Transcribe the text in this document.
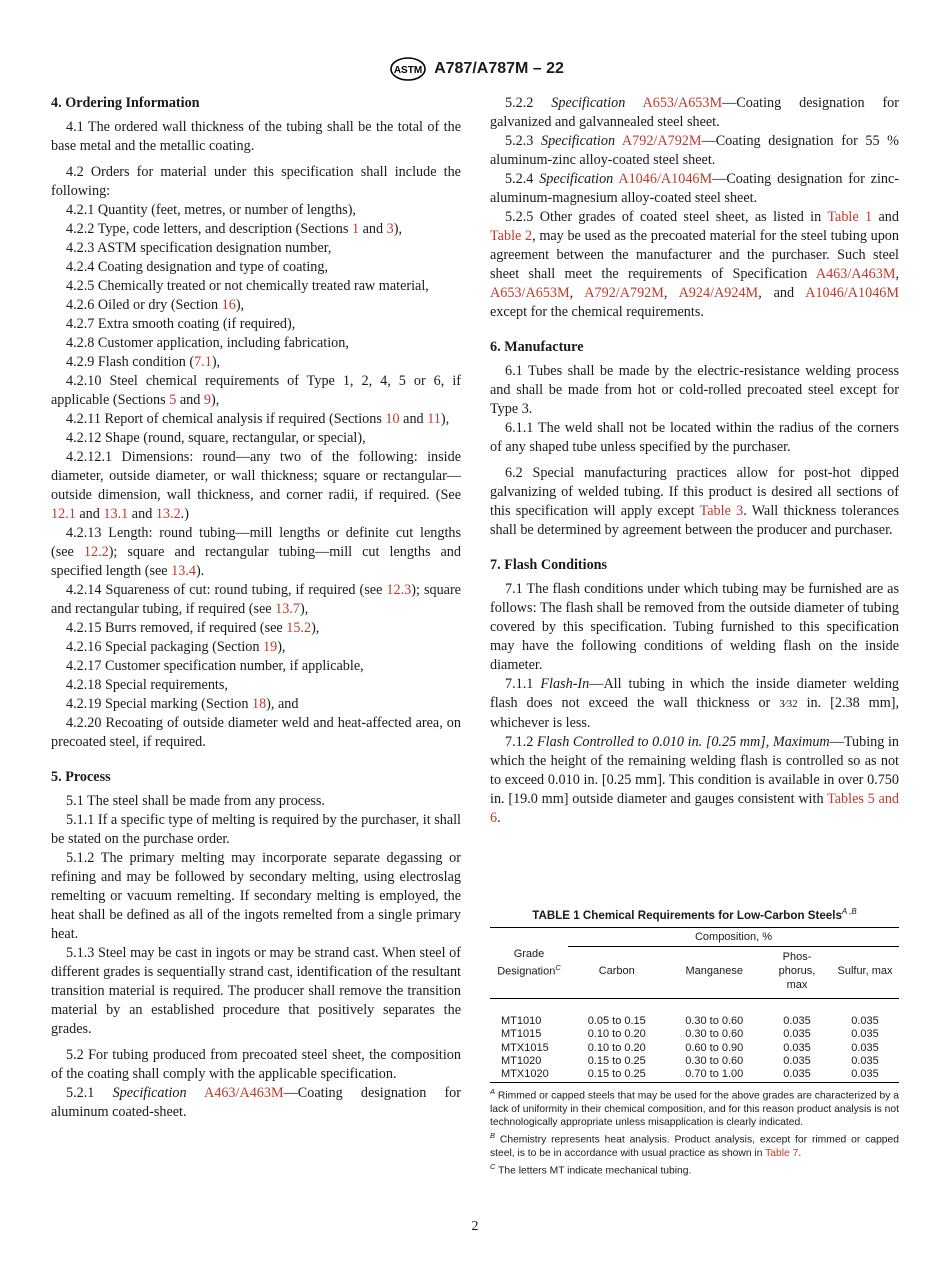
ASTM A787/A787M – 22
4. Ordering Information

4.1 The ordered wall thickness of the tubing shall be the total of the base metal and the metallic coating.

4.2 Orders for material under this specification shall include the following:

4.2.1 Quantity (feet, metres, or number of lengths),

4.2.2 Type, code letters, and description (Sections 1 and 3),

4.2.3 ASTM specification designation number,

4.2.4 Coating designation and type of coating,

4.2.5 Chemically treated or not chemically treated raw material,

4.2.6 Oiled or dry (Section 16),

4.2.7 Extra smooth coating (if required),

4.2.8 Customer application, including fabrication,

4.2.9 Flash condition (7.1),

4.2.10 Steel chemical requirements of Type 1, 2, 4, 5 or 6, if applicable (Sections 5 and 9),

4.2.11 Report of chemical analysis if required (Sections 10 and 11),

4.2.12 Shape (round, square, rectangular, or special),

4.2.12.1 Dimensions: round—any two of the following: inside diameter, outside diameter, or wall thickness; square or rectangular—outside dimension, wall thickness, and corner radii, if required. (See 12.1 and 13.1 and 13.2.)

4.2.13 Length: round tubing—mill lengths or definite cut lengths (see 12.2); square and rectangular tubing—mill cut lengths and specified length (see 13.4).

4.2.14 Squareness of cut: round tubing, if required (see 12.3); square and rectangular tubing, if required (see 13.7),

4.2.15 Burrs removed, if required (see 15.2),

4.2.16 Special packaging (Section 19),

4.2.17 Customer specification number, if applicable,

4.2.18 Special requirements,

4.2.19 Special marking (Section 18), and

4.2.20 Recoating of outside diameter weld and heat-affected area, on precoated steel, if required.

5. Process

5.1 The steel shall be made from any process.

5.1.1 If a specific type of melting is required by the purchaser, it shall be stated on the purchase order.

5.1.2 The primary melting may incorporate separate degassing or refining and may be followed by secondary melting, using electroslag remelting or vacuum remelting. If secondary melting is employed, the heat shall be defined as all of the ingots remelted from a single primary heat.

5.1.3 Steel may be cast in ingots or may be strand cast. When steel of different grades is sequentially strand cast, identification of the resultant transition material is required. The producer shall remove the transition material by an established procedure that positively separates the grades.

5.2 For tubing produced from precoated steel sheet, the composition of the coating shall comply with the applicable specification.

5.2.1 Specification A463/A463M—Coating designation for aluminum coated-sheet.

5.2.2 Specification A653/A653M—Coating designation for galvanized and galvannealed steel sheet.

5.2.3 Specification A792/A792M—Coating designation for 55 % aluminum-zinc alloy-coated steel sheet.

5.2.4 Specification A1046/A1046M—Coating designation for zinc-aluminum-magnesium alloy-coated steel sheet.

5.2.5 Other grades of coated steel sheet, as listed in Table 1 and Table 2, may be used as the precoated material for the steel tubing upon agreement between the manufacturer and the purchaser. Such steel sheet shall meet the requirements of Specification A463/A463M, A653/A653M, A792/A792M, A924/A924M, and A1046/A1046M except for the chemical requirements.

6. Manufacture

6.1 Tubes shall be made by the electric-resistance welding process and shall be made from hot or cold-rolled precoated steel except for Type 3.

6.1.1 The weld shall not be located within the radius of the corners of any shaped tube unless specified by the purchaser.

6.2 Special manufacturing practices allow for post-hot dipped galvanizing of welded tubing. If this product is desired all sections of this specification will apply except Table 3. Wall thickness tolerances shall be determined by agreement between the producer and purchaser.

7. Flash Conditions

7.1 The flash conditions under which tubing may be furnished are as follows: The flash shall be removed from the outside diameter of tubing covered by this specification. Tubing furnished to this specification may have the following conditions of welding flash on the inside diameter.

7.1.1 Flash-In—All tubing in which the inside diameter welding flash does not exceed the wall thickness or 3⁄32 in. [2.38 mm], whichever is less.

7.1.2 Flash Controlled to 0.010 in. [0.25 mm], Maximum—Tubing in which the height of the remaining welding flash is controlled so as not to exceed 0.010 in. [0.25 mm]. This condition is available in over 0.750 in. [19.0 mm] outside diameter and gauges consistent with Tables 5 and 6.

TABLE 1 Chemical Requirements for Low-Carbon Steels$^{A ,B}$
Grade Designation$^C$	Composition, %			
	Carbon	Manganese	Phos-phorus, max	Sulfur, max

MT1010	0.05 to 0.15	0.30 to 0.60	0.035	0.035
MT1015	0.10 to 0.20	0.30 to 0.60	0.035	0.035
MTX1015	0.10 to 0.20	0.60 to 0.90	0.035	0.035
MT1020	0.15 to 0.25	0.30 to 0.60	0.035	0.035
MTX1020	0.15 to 0.25	0.70 to 1.00	0.035	0.035
$^A$ Rimmed or capped steels that may be used for the above grades are characterized by a lack of uniformity in their chemical composition, and for this reason product analysis is not technologically appropriate unless misapplication is clearly indicated.
$^B$ Chemistry represents heat analysis. Product analysis, except for rimmed or capped steel, is to be in accordance with usual practice as shown in Table 7.
$^C$ The letters MT indicate mechanical tubing.
2
